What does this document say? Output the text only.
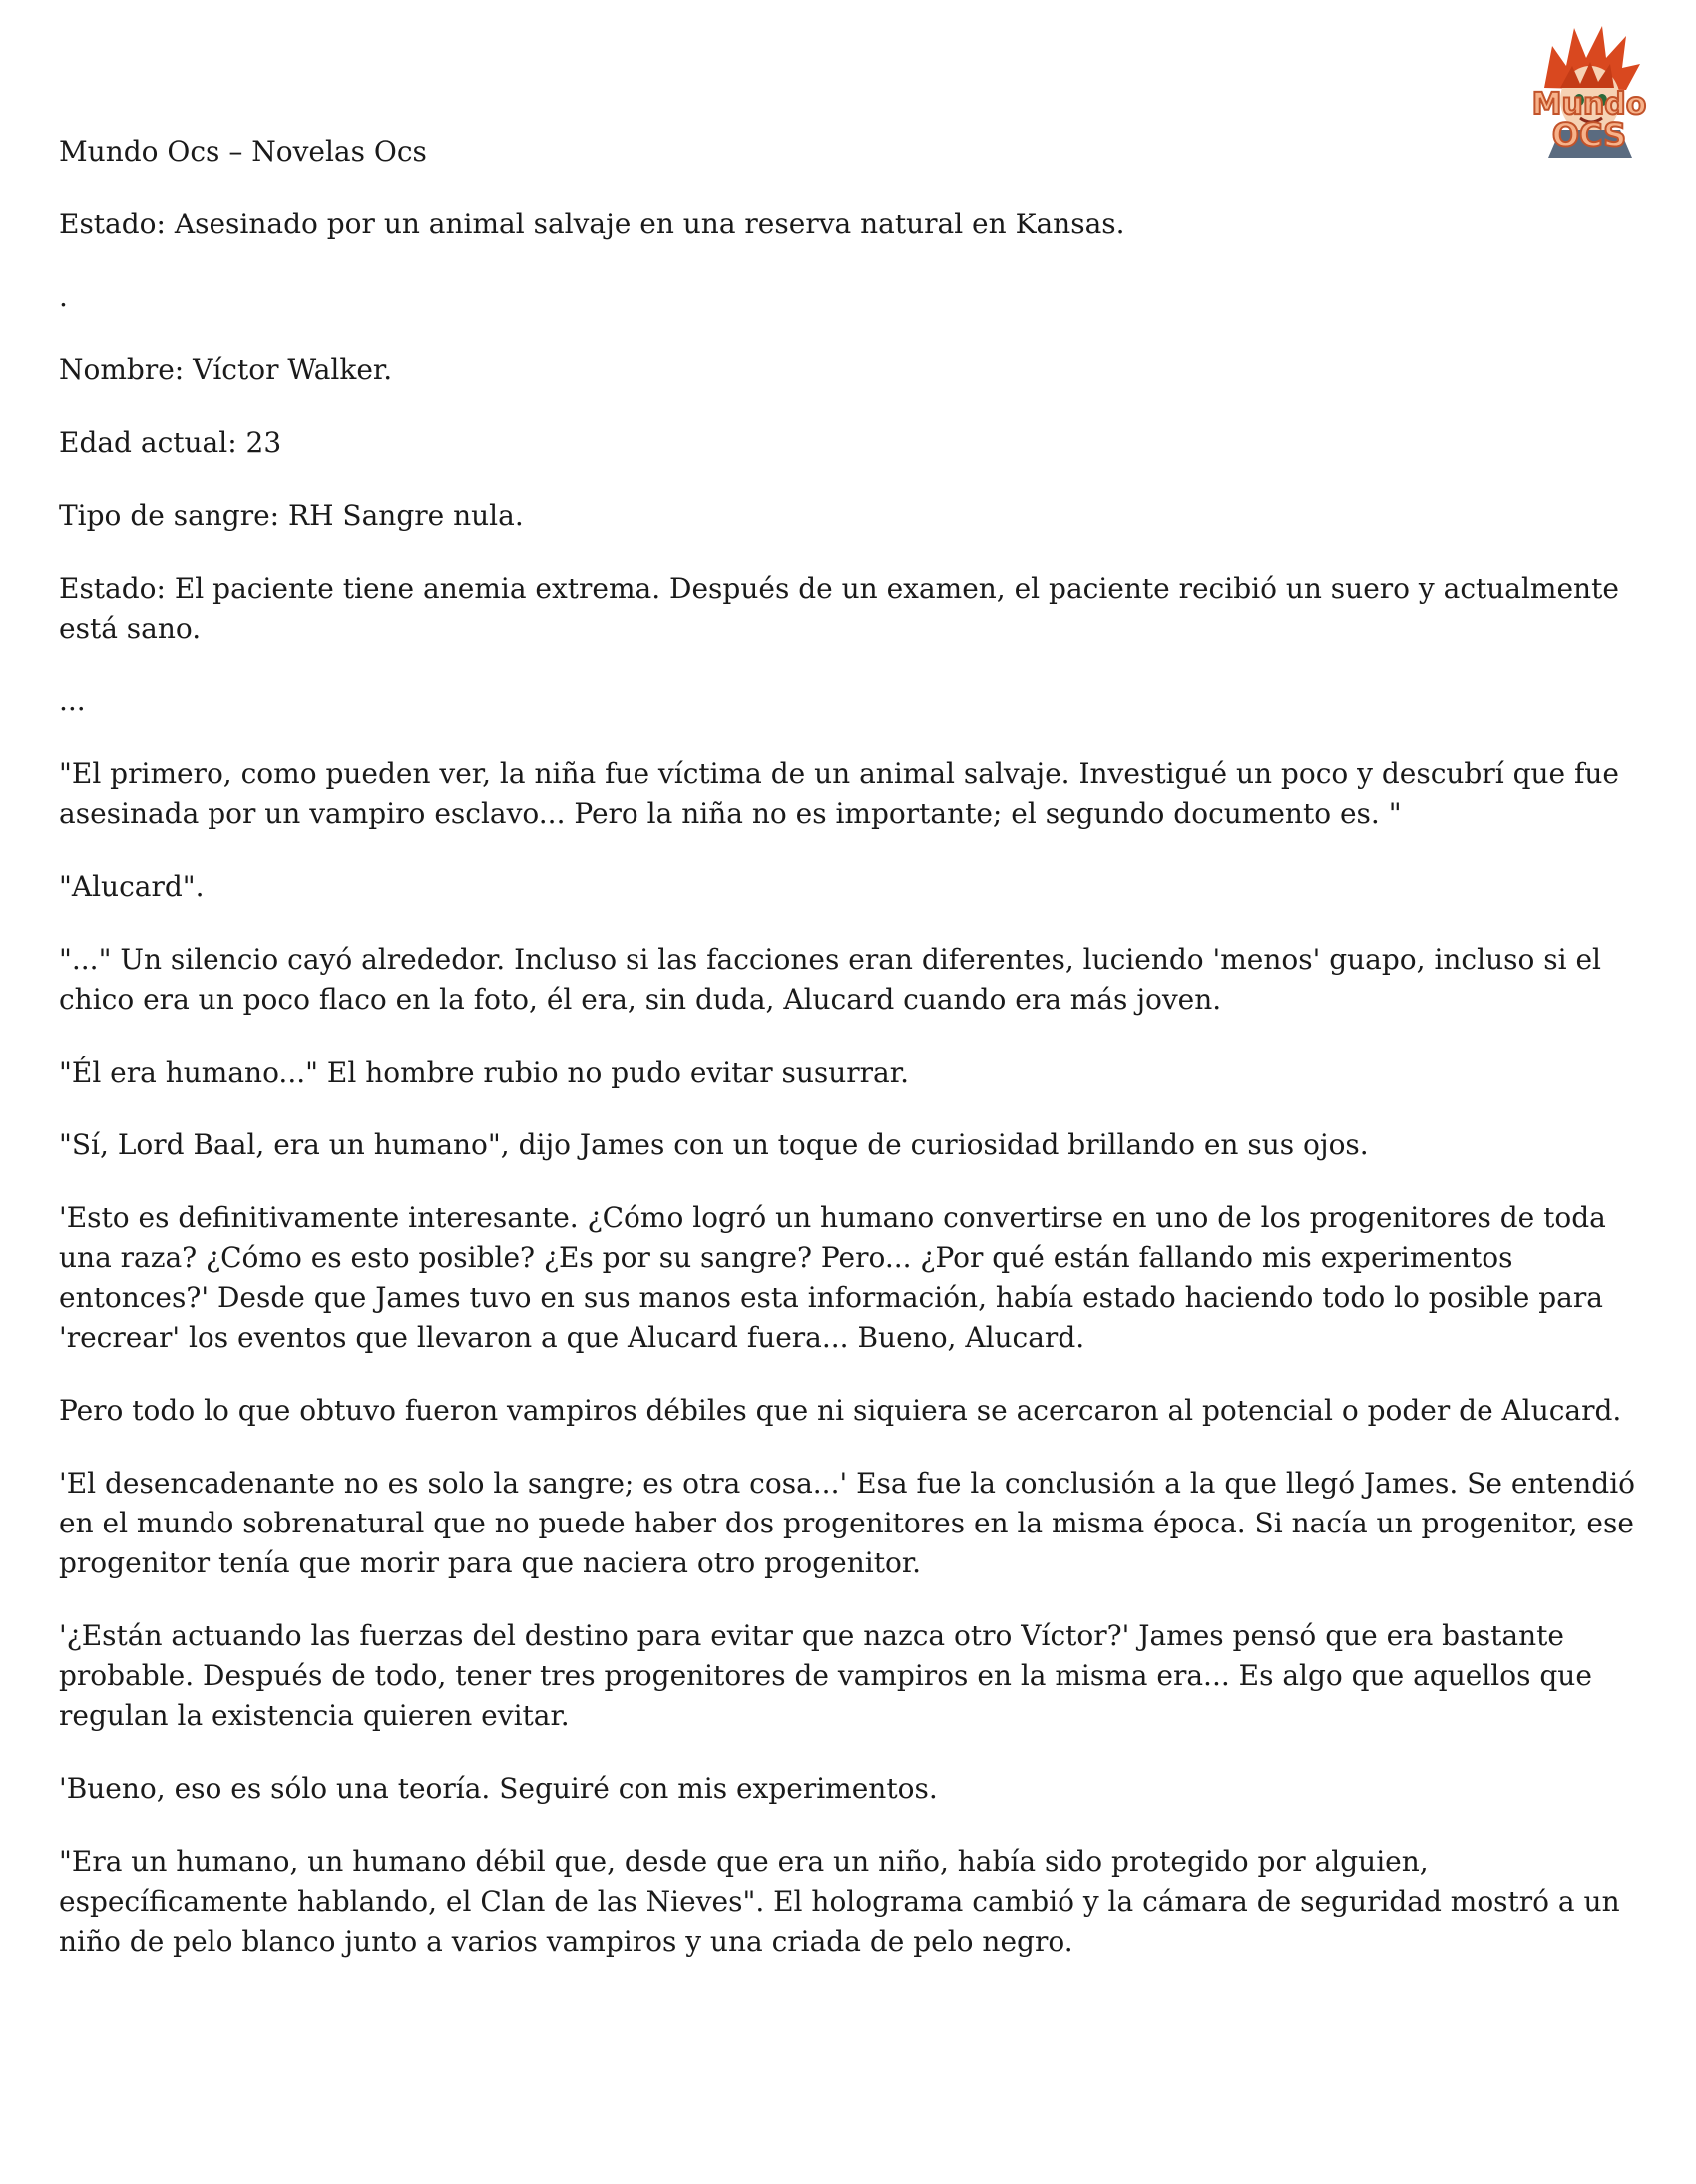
Mundo
OCS

Mundo Ocs – Novelas Ocs

Estado: Asesinado por un animal salvaje en una reserva natural en Kansas.

.

Nombre: Víctor Walker.

Edad actual: 23

Tipo de sangre: RH Sangre nula.

Estado: El paciente tiene anemia extrema. Después de un examen, el paciente recibió un suero y actualmente está sano.

...

"El primero, como pueden ver, la niña fue víctima de un animal salvaje. Investigué un poco y descubrí que fue asesinada por un vampiro esclavo... Pero la niña no es importante; el segundo documento es. "

"Alucard".

"..." Un silencio cayó alrededor. Incluso si las facciones eran diferentes, luciendo 'menos' guapo, incluso si el chico era un poco flaco en la foto, él era, sin duda, Alucard cuando era más joven.

"Él era humano..." El hombre rubio no pudo evitar susurrar.

"Sí, Lord Baal, era un humano", dijo James con un toque de curiosidad brillando en sus ojos.

'Esto es definitivamente interesante. ¿Cómo logró un humano convertirse en uno de los progenitores de toda una raza? ¿Cómo es esto posible? ¿Es por su sangre? Pero... ¿Por qué están fallando mis experimentos entonces?' Desde que James tuvo en sus manos esta información, había estado haciendo todo lo posible para 'recrear' los eventos que llevaron a que Alucard fuera... Bueno, Alucard.

Pero todo lo que obtuvo fueron vampiros débiles que ni siquiera se acercaron al potencial o poder de Alucard.

'El desencadenante no es solo la sangre; es otra cosa...' Esa fue la conclusión a la que llegó James. Se entendió en el mundo sobrenatural que no puede haber dos progenitores en la misma época. Si nacía un progenitor, ese progenitor tenía que morir para que naciera otro progenitor.

'¿Están actuando las fuerzas del destino para evitar que nazca otro Víctor?' James pensó que era bastante probable. Después de todo, tener tres progenitores de vampiros en la misma era... Es algo que aquellos que regulan la existencia quieren evitar.

'Bueno, eso es sólo una teoría. Seguiré con mis experimentos.

"Era un humano, un humano débil que, desde que era un niño, había sido protegido por alguien, específicamente hablando, el Clan de las Nieves". El holograma cambió y la cámara de seguridad mostró a un niño de pelo blanco junto a varios vampiros y una criada de pelo negro.
